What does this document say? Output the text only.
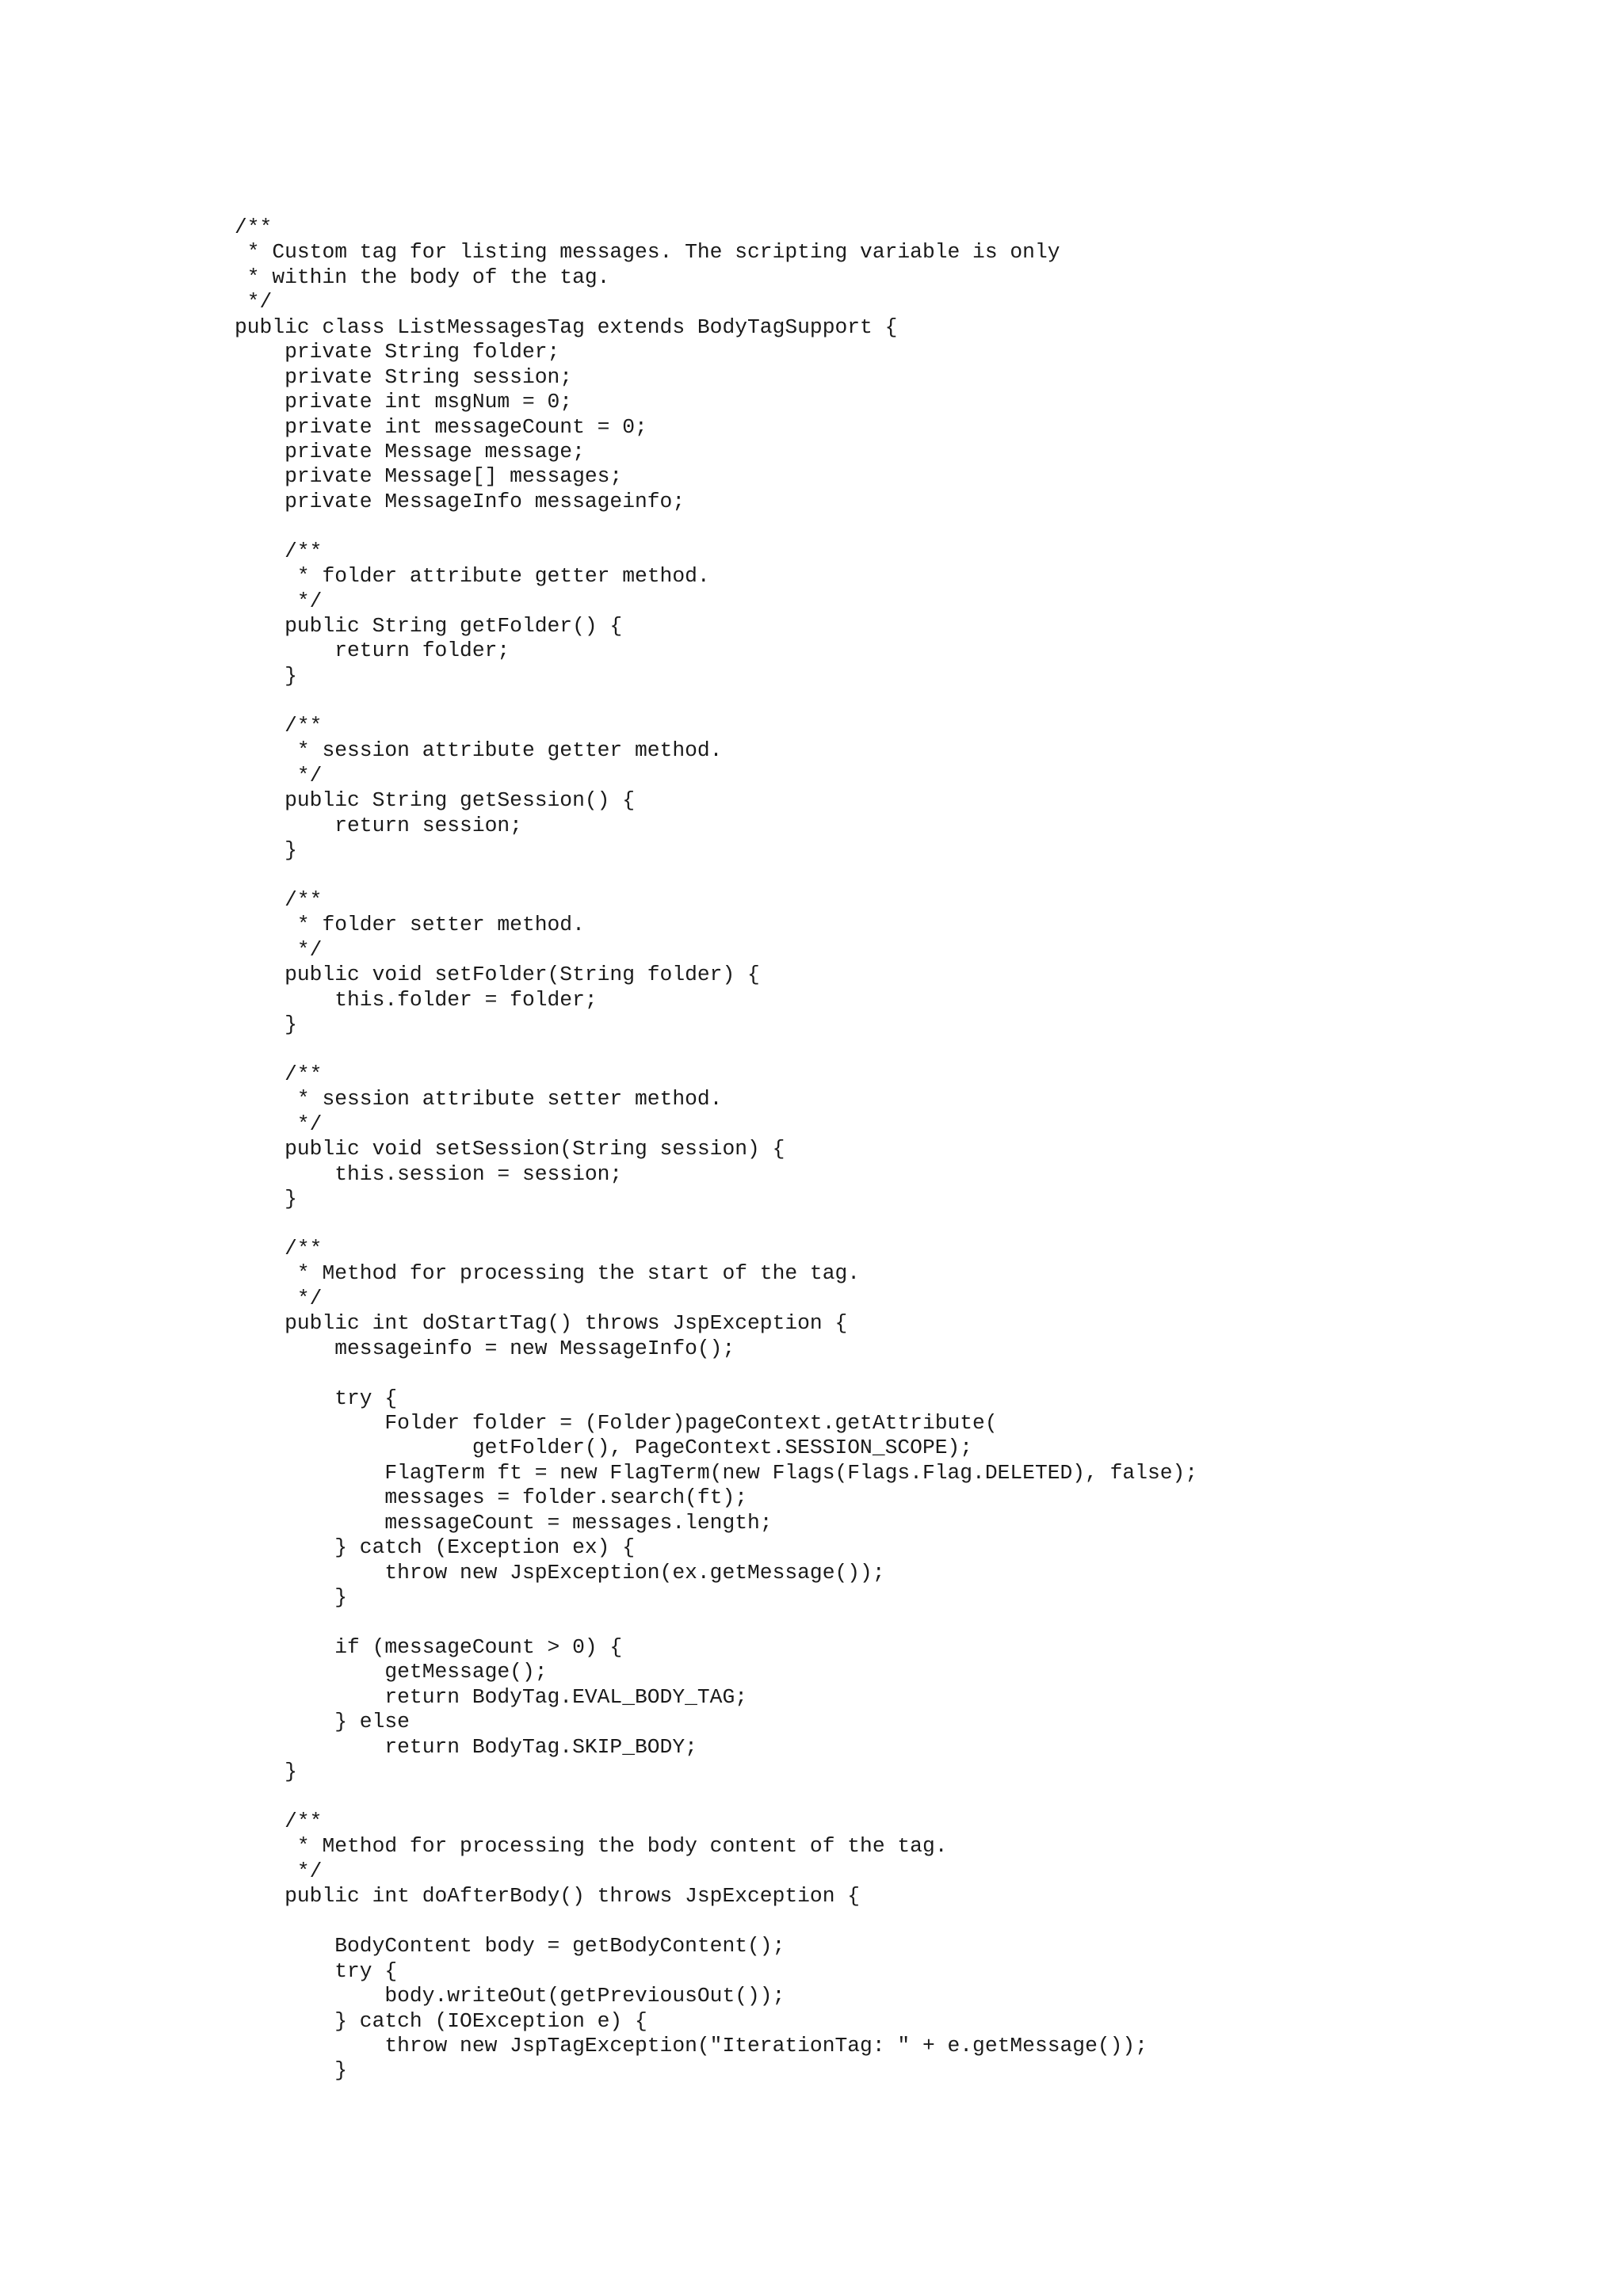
/**
* Custom tag for listing messages. The scripting variable is only
* within the body of the tag.
*/
public class ListMessagesTag extends BodyTagSupport {
private String folder;
private String session;
private int msgNum = 0;
private int messageCount = 0;
private Message message;
private Message[] messages;
private MessageInfo messageinfo;
/**
* folder attribute getter method.
*/
public String getFolder() {
return folder;
}
/**
* session attribute getter method.
*/
public String getSession() {
return session;
}
/**
* folder setter method.
*/
public void setFolder(String folder) {
this.folder = folder;
}
/**
* session attribute setter method.
*/
public void setSession(String session) {
this.session = session;
}
/**
* Method for processing the start of the tag.
*/
public int doStartTag() throws JspException {
messageinfo = new MessageInfo();
try {
Folder folder = (Folder)pageContext.getAttribute(
getFolder(), PageContext.SESSION_SCOPE);
FlagTerm ft = new FlagTerm(new Flags(Flags.Flag.DELETED), false);
messages = folder.search(ft);
messageCount = messages.length;
} catch (Exception ex) {
throw new JspException(ex.getMessage());
}
if (messageCount > 0) {
getMessage();
return BodyTag.EVAL_BODY_TAG;
} else
return BodyTag.SKIP_BODY;
}
/**
* Method for processing the body content of the tag.
*/
public int doAfterBody() throws JspException {
BodyContent body = getBodyContent();
try {
body.writeOut(getPreviousOut());
} catch (IOException e) {
throw new JspTagException("IterationTag: " + e.getMessage());
}
